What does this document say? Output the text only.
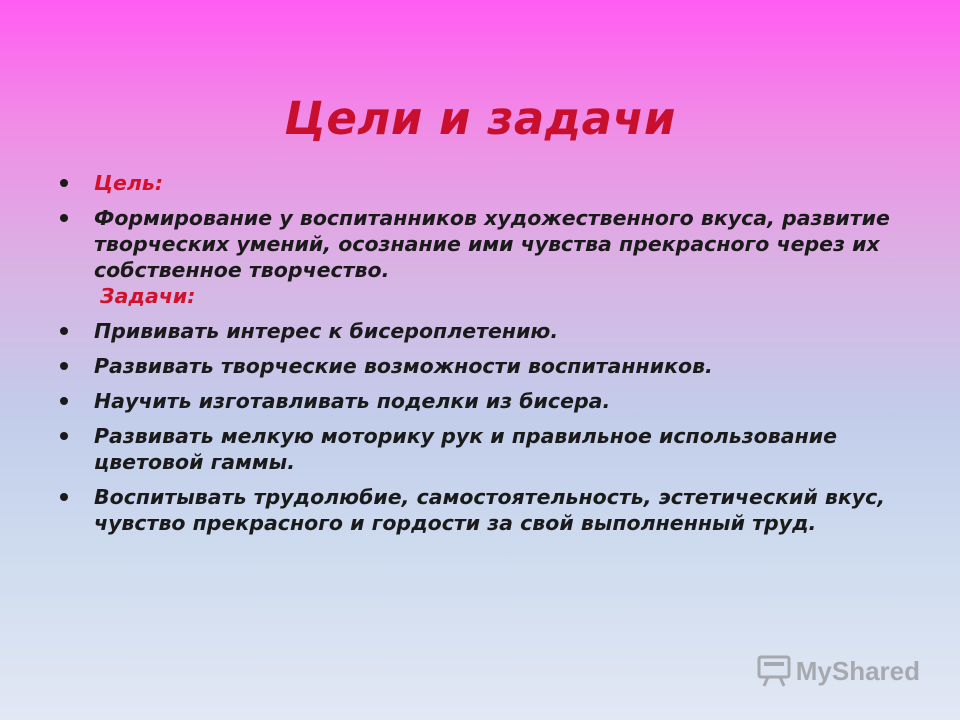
Цели и задачи
Цель:
Формирование у воспитанников художественного вкуса, развитие творческих умений, осознание ими чувства прекрасного через их собственное творчество.
Задачи:
Прививать интерес к бисероплетению.
Развивать творческие возможности воспитанников.
Научить изготавливать поделки из бисера.
Развивать мелкую моторику рук и правильное использование цветовой гаммы.
Воспитывать трудолюбие, самостоятельность, эстетический вкус, чувство прекрасного и гордости за свой выполненный труд.
MyShared
